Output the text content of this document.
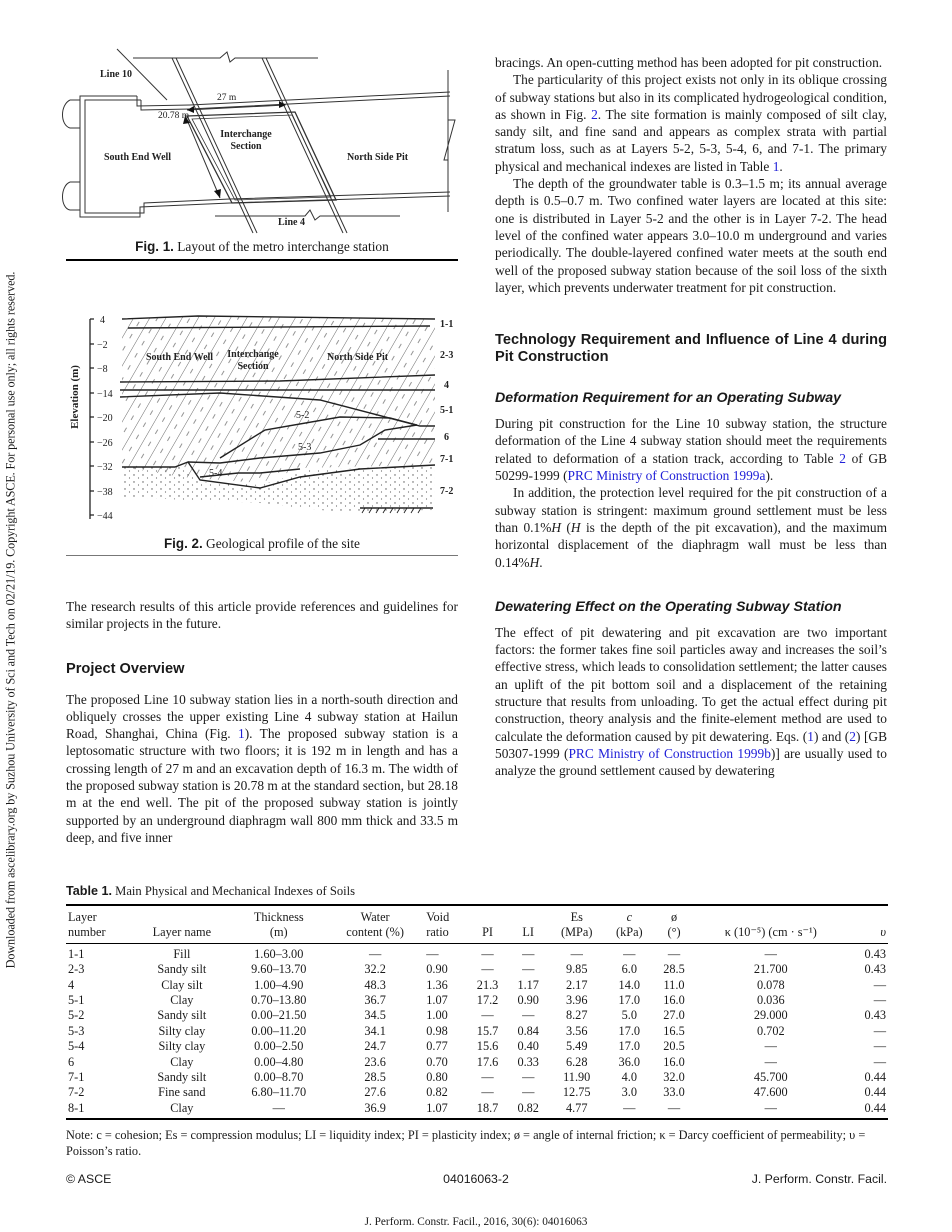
Downloaded from ascelibrary.org by Suzhou University of Sci and Tech on 02/21/19. Copyright ASCE. For personal use only; all rights reserved.
Line 10
South End Well
Interchange
Section
North Side Pit
Line 4
27 m
20.78 m
Fig. 1. Layout of the metro interchange station
4
−2
−8
−14
−20
−26
−32
−38
−44
Elevation (m)
South End Well Interchange
Section
North Side Pit
5-2
5-3
5-4
1-1
2-3
4
5-1
6
7-1
7-2
Fig. 2. Geological profile of the site

The research results of this article provide references and guidelines for similar projects in the future.

Project Overview

The proposed Line 10 subway station lies in a north-south direction and obliquely crosses the upper existing Line 4 subway station at Hailun Road, Shanghai, China (Fig. 1). The proposed subway station is a leptosomatic structure with two floors; it is 192 m in length and has a crossing length of 27 m and an excavation depth of 16.3 m. The width of the proposed subway station is 20.78 m at the standard section, but 28.18 m at the end well. The pit of the proposed subway station is jointly supported by an underground diaphragm wall 800 mm thick and 33.5 m deep, and five inner

bracings. An open-cutting method has been adopted for pit construction.

The particularity of this project exists not only in its oblique crossing of subway stations but also in its complicated hydrogeological condition, as shown in Fig. 2. The site formation is mainly composed of silt clay, sandy silt, and fine sand and appears as complex strata with partial stratum loss, such as at Layers 5-2, 5-3, 5-4, 6, and 7-1. The primary physical and mechanical indexes are listed in Table 1.

The depth of the groundwater table is 0.3–1.5 m; its annual average depth is 0.5–0.7 m. Two confined water layers are located at this site: one is distributed in Layer 5-2 and the other is in Layer 7-2. The head level of the confined water appears 3.0–10.0 m underground and varies periodically. The double-layered confined water meets at the south end well of the proposed subway station because of the soil loss of the sixth layer, which prevents underwater treatment for pit construction.

Technology Requirement and Influence of Line 4 during Pit Construction
Deformation Requirement for an Operating Subway

During pit construction for the Line 10 subway station, the structure deformation of the Line 4 subway station should meet the requirements related to deformation of a station track, according to Table 2 of GB 50299-1999 (PRC Ministry of Construction 1999a).

In addition, the protection level required for the pit construction of a subway station is stringent: maximum ground settlement must be less than 0.1%H (H is the depth of the pit excavation), and the maximum horizontal displacement of the diaphragm wall must be less than 0.14%H.

Dewatering Effect on the Operating Subway Station

The effect of pit dewatering and pit excavation are two important factors: the former takes fine soil particles away and increases the soil’s effective stress, which leads to consolidation settlement; the latter causes an uplift of the pit bottom soil and a displacement of the retaining structure that results from unloading. To get the actual effect during pit construction, theory analysis and the finite-element method are used to calculate the deformation caused by pit dewatering. Eqs. (1) and (2) [GB 50307-1999 (PRC Ministry of Construction 1999b)] are usually used to analyze the ground settlement caused by dewatering

Table 1. Main Physical and Mechanical Indexes of Soils
Layer
number	Layer name

Thickness
(m)

Water
content (%)

Void
ratio	PI	LI

Es
(MPa)

c
(kPa)

ø
(°)	κ (10⁻⁵) (cm · s⁻¹)	υ

1-1	Fill	1.60–3.00	—	—	—	—	—	—	—	—	0.43
2-3	Sandy silt	9.60–13.70	32.2	0.90	—	—	9.85	6.0	28.5	21.700	0.43
4	Clay silt	1.00–4.90	48.3	1.36	21.3	1.17	2.17	14.0	11.0	0.078	—
5-1	Clay	0.70–13.80	36.7	1.07	17.2	0.90	3.96	17.0	16.0	0.036	—
5-2	Sandy silt	0.00–21.50	34.5	1.00	—	—	8.27	5.0	27.0	29.000	0.43
5-3	Silty clay	0.00–11.20	34.1	0.98	15.7	0.84	3.56	17.0	16.5	0.702	—
5-4	Silty clay	0.00–2.50	24.7	0.77	15.6	0.40	5.49	17.0	20.5	—	—
6	Clay	0.00–4.80	23.6	0.70	17.6	0.33	6.28	36.0	16.0	—	—
7-1	Sandy silt	0.00–8.70	28.5	0.80	—	—	11.90	4.0	32.0	45.700	0.44
7-2	Fine sand	6.80–11.70	27.6	0.82	—	—	12.75	3.0	33.0	47.600	0.44
8-1	Clay	—	36.9	1.07	18.7	0.82	4.77	—	—	—	0.44
Note: c = cohesion; Es = compression modulus; LI = liquidity index; PI = plasticity index; ø = angle of internal friction; κ = Darcy coefficient of permeability; υ = Poisson’s ratio.
© ASCE	04016063-2	J. Perform. Constr. Facil.
J. Perform. Constr. Facil., 2016, 30(6): 04016063
